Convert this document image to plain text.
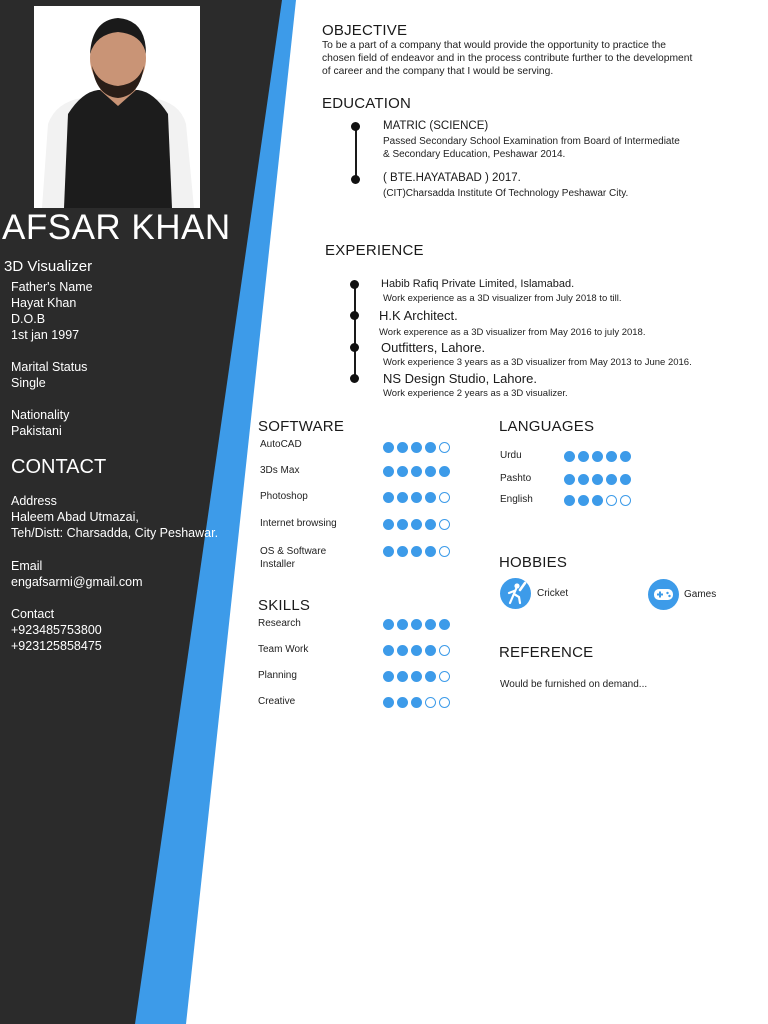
AFSAR KHAN
3D Visualizer
Father's Name
Hayat Khan
D.O.B
1st jan 1997
Marital Status
Single
Nationality
Pakistani
CONTACT
Address
Haleem Abad Utmazai,
Teh/Distt: Charsadda, City Peshawar.
Email
engafsarmi@gmail.com
Contact
+923485753800
+923125858475
OBJECTIVE
To be a part of a company that would provide the opportunity to practice the
chosen field of endeavor and in the process contribute further to the development
of career and the company that I would be serving.
EDUCATION
MATRIC (SCIENCE)
Passed Secondary School Examination from Board of Intermediate
& Secondary Education, Peshawar 2014.
( BTE.HAYATABAD ) 2017.
(CIT)Charsadda Institute Of Technology Peshawar City.
EXPERIENCE
Habib Rafiq Private Limited, Islamabad.
Work experience as a 3D visualizer from July 2018 to till.
H.K Architect.
Work experence as a 3D visualizer from May 2016 to july 2018.
Outfitters, Lahore.
Work experience 3 years as a 3D visualizer from May 2013 to June 2016.
NS Design Studio, Lahore.
Work experience 2 years as a 3D visualizer.
SOFTWARE
AutoCAD
3Ds Max
Photoshop
Internet browsing
OS & Software
Installer
SKILLS
Research
Team Work
Planning
Creative
LANGUAGES
Urdu
Pashto
English
HOBBIES
Cricket	Games
REFERENCE
Would be furnished on demand...
